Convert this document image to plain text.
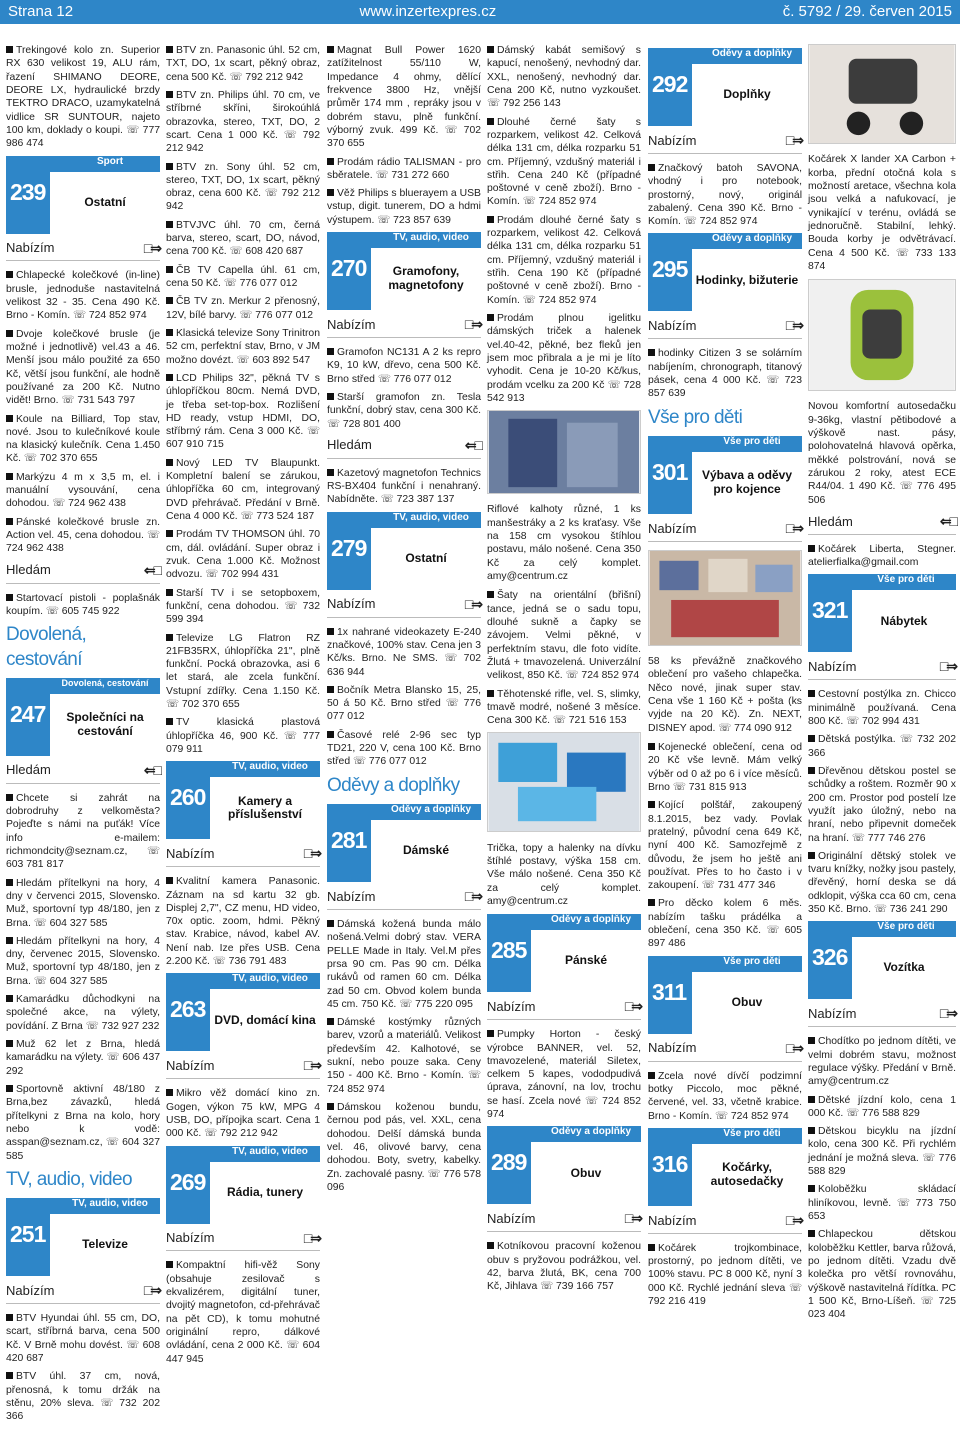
Strana 12	www.inzertexpres.cz	č. 5792 / 29. červen 2015
Trekingové kolo zn. Superior RX 630 velikost 19, ALU rám, řazení SHIMANO DEORE, DEORE LX, hydraulické brzdy TEKTRO DRACO, uzamykatelná vidlice SR SUNTOUR, najeto 100 km, doklady o koupi. ☏ 777 986 474
Sport
239	Ostatní
Nabízím	□⇒
Chlapecké kolečkové (in-line) brusle, jednoduše nastavitelná velikost 32 - 35. Cena 490 Kč. Brno - Komín. ☏ 724 852 974
Dvoje kolečkové brusle (je možné i jednotlivě) vel.43 a 46. Menší jsou málo použité za 650 Kč, větší jsou funkční, ale hodně používané za 200 Kč. Nutno vidět! Brno. ☏ 731 543 797
Koule na Billiard, Top stav, nové. Jsou to kulečníkové koule na klasický kulečník. Cena 1.450 Kč. ☏ 702 370 655
Markýzu 4 m x 3,5 m, el. i manuální vysouvání, cena dohodou. ☏ 724 962 438
Pánské kolečkové brusle zn. Action vel. 45, cena dohodou. ☏ 724 962 438
Hledám	⇐□
Startovací pistoli - poplašnák koupím. ☏ 605 745 922
Dovolená, cestování
Dovolená, cestování
247	Společníci na cestování
Hledám	⇐□
Chcete si zahrát na dobrodruhy z velkoměsta? Pojeďte s námi na puťák! Více info e-mailem: richmondcity@seznam.cz, ☏ 603 781 817
Hledám přítelkyni na hory, 4 dny v červenci 2015, Slovensko. Muž, sportovní typ 48/180, jen z Brna. ☏ 604 327 585
Hledám přítelkyni na hory, 4 dny, červenec 2015, Slovensko. Muž, sportovní typ 48/180, jen z Brna. ☏ 604 327 585
Kamarádku důchodkyni na společné akce, na výlety, povídání. Z Brna ☏ 732 927 232
Muž 62 let z Brna, hledá kamarádku na výlety. ☏ 606 437 292
Sportovně aktivní 48/180 z Brna,bez závazků, hledá přítelkyni z Brna na kolo, hory nebo k vodě: asspan@seznam.cz, ☏ 604 327 585
TV, audio, video
TV, audio, video
251	Televize
Nabízím	□⇒
BTV Hyundai úhl. 55 cm, DO, scart, stříbrná barva, cena 500 Kč. V Brně mohu dovést. ☏ 608 420 687
BTV úhl. 37 cm, nová, přenosná, k tomu držák na stěnu, 20% sleva. ☏ 732 202 366
BTV zn. Panasonic úhl. 52 cm, TXT, DO, 1x scart, pěkný obraz, cena 500 Kč. ☏ 792 212 942
BTV zn. Philips úhl. 70 cm, ve stříbrné skříni, širokoúhlá obrazovka, stereo, TXT, DO, 2 scart. Cena 1 000 Kč. ☏ 792 212 942
BTV zn. Sony úhl. 52 cm, stereo, TXT, DO, 1x scart, pěkný obraz, cena 600 Kč. ☏ 792 212 942
BTVJVC úhl. 70 cm, černá barva, stereo, scart, DO, návod, cena 700 Kč. ☏ 608 420 687
ČB TV Capella úhl. 61 cm, cena 50 Kč. ☏ 776 077 012
ČB TV zn. Merkur 2 přenosný, 12V, bílé barvy. ☏ 776 077 012
Klasická televize Sony Trinitron 52 cm, perfektní stav, Brno, v JM možno dovézt. ☏ 603 892 547
LCD Philips 32", pěkná TV s úhlopříčkou 80cm. Nemá DVD, je třeba set-top-box. Rozlišení HD ready, vstup HDMI, DO, stříbrný rám. Cena 3 000 Kč. ☏ 607 910 715
Nový LED TV Blaupunkt. Kompletní balení se zárukou, úhlopříčka 60 cm, integrovaný DVD přehrávač. Předání v Brně. Cena 4 000 Kč. ☏ 773 524 187
Prodám TV THOMSON úhl. 70 cm, dál. ovládání. Super obraz i zvuk. Cena 1.000 Kč. Možnost odvozu. ☏ 702 994 431
Starší TV i se setopboxem, funkční, cena dohodou. ☏ 732 599 394
Televize LG Flatron RZ 21FB35RX, úhlopříčka 21", plně funkční. Pocká obrazovka, asi 6 let stará, ale zcela funkční. Vstupní zdířky. Cena 1.150 Kč. ☏ 702 370 655
TV klasická plastová úhlopříčka 46, 900 Kč. ☏ 777 079 911
TV, audio, video
260	Kamery a příslušenství
Nabízím	□⇒
Kvalitní kamera Panasonic. Záznam na sd kartu 32 gb. Displej 2,7", CZ menu, HD video, 70x optic. zoom, hdmi. Pěkný stav. Krabice, návod, kabel AV. Není nab. Ize přes USB. Cena 2.200 Kč. ☏ 736 791 483
TV, audio, video
263 DVD, domácí kina
Nabízím	□⇒
Mikro věž domácí kino zn. Gogen, výkon 75 kW, MPG 4 USB, DO, přípojka scart. Cena 1 000 Kč. ☏ 792 212 942
TV, audio, video
269	Rádia, tunery
Nabízím	□⇒
Kompaktní hifi-věž Sony (obsahuje zesilovač s ekvalizérem, digitální tuner, dvojitý magnetofon, cd-přehrávač na pět CD), k tomu mohutné originální repro, dálkové ovládání, cena 2 000 Kč. ☏ 604 447 945
Magnat Bull Power 1620 zatížitelnost 55/110 W, Impedance 4 ohmy, dělící frekvence 3800 Hz, vnější průměr 174 mm , repráky jsou v dobrém stavu, plně funkční. výborný zvuk. 499 Kč. ☏ 702 370 655
Prodám rádio TALISMAN - pro sběratele. ☏ 731 272 660
Věž Philips s bluerayem a USB vstup, digit. tunerem, DO a hdmi výstupem. ☏ 723 857 639
TV, audio, video
270	Gramofony, magnetofony
Nabízím	□⇒
Gramofon NC131 A 2 ks repro K9, 10 kW, dřevo, cena 500 Kč. Brno střed ☏ 776 077 012
Starší gramofon zn. Tesla funkční, dobrý stav, cena 300 Kč. ☏ 728 801 400
Hledám	⇐□
Kazetový magnetofon Technics RS-BX404 funkční i nenahraný. Nabídněte. ☏ 723 387 137
TV, audio, video
279	Ostatní
Nabízím	□⇒
1x nahrané videokazety E-240 značkové, 100% stav. Cena jen 3 Kč/ks. Brno. Ne SMS. ☏ 702 636 944
Bočník Metra Blansko 15, 25, 50 á 50 Kč. Brno střed ☏ 776 077 012
Časové relé 2-96 sec typ TD21, 220 V, cena 100 Kč. Brno střed ☏ 776 077 012
Oděvy a doplňky
Oděvy a doplňky
281	Dámské
Nabízím	□⇒
Dámská kožená bunda málo nošená.Velmi dobrý stav. VERA PELLE Made in Italy. Vel.M přes prsa 90 cm. Pas 90 cm. Délka rukávů od ramen 60 cm. Délka zad 50 cm. Obvod kolem bunda 45 cm. 750 Kč. ☏ 775 220 095
Dámské kostýmky různých barev, vzorů a materiálů. Velikost především 42. Kalhotové, se sukní, nebo pouze saka. Ceny 150 - 400 Kč. Brno - Komín. ☏ 724 852 974
Dámskou koženou bundu, černou pod pás, vel. XXL, cena dohodou. Delší dámská bunda vel. 46, olivové barvy, cena dohodou. Boty, svetry, kabelky. Zn. zachovalé pasny. ☏ 776 578 096
Dámský kabát semišový s kapucí, nenošený, nevhodný dar. XXL, nenošený, nevhodný dar. Cena 200 Kč, nutno vyzkoušet. ☏ 792 256 143
Dlouhé černé šaty s rozparkem, velikost 42. Celková délka 131 cm, délka rozparku 51 cm. Příjemný, vzdušný materiál i střih. Cena 240 Kč (případné poštovné v ceně zboží). Brno - Komín. ☏ 724 852 974
Prodám dlouhé černé šaty s rozparkem, velikost 42. Celková délka 131 cm, délka rozparku 51 cm. Příjemný, vzdušný materiál i střih. Cena 190 Kč (případné poštovné v ceně zboží). Brno - Komín. ☏ 724 852 974
Prodám plnou igelitku dámských triček a halenek vel.40-42, pěkné, bez fleků jen jsem moc přibrala a je mi je líto vyhodit. Cena je 10-20 Kč/kus, prodám vcelku za 200 Kč ☏ 728 542 913
Riflové kalhoty různé, 1 ks manšestráky a 2 ks kraťasy. Vše na 158 cm vysokou štíhlou postavu, málo nošené. Cena 350 Kč za celý komplet. amy@centrum.cz
Šaty na orientální (břišní) tance, jedná se o sadu topu, dlouhé sukně a čapky se závojem. Velmi pěkné, v perfektním stavu, dle foto vidíte. Žlutá + tmavozelená. Univerzální velikost, 850 Kč. ☏ 724 852 974
Těhotenské rifle, vel. S, slimky, tmavě modré, nošené 3 měsíce. Cena 300 Kč. ☏ 721 516 153
Trička, topy a halenky na dívku štíhlé postavy, výška 158 cm. Vše málo nošené. Cena 350 Kč za celý komplet. amy@centrum.cz
Oděvy a doplňky
285	Pánské
Nabízím	□⇒
Pumpky Horton - český výrobce BANNER, vel. 52, tmavozelené, materiál Siletex, celkem 5 kapes, vododpudivá úprava, zánovní, na lov, trochu se hasí. Zcela nové ☏ 724 852 974
Oděvy a doplňky
289	Obuv
Nabízím	□⇒
Kotníkovou pracovní koženou obuv s pryžovou podrážkou, vel. 42, barva žlutá, BK, cena 700 Kč, Jihlava ☏ 739 166 757
Oděvy a doplňky
292	Doplňky
Nabízím	□⇒
Značkový batoh SAVONA, vhodný i pro notebook, prostorný, nový, originál zabalený. Cena 390 Kč. Brno - Komín. ☏ 724 852 974
Oděvy a doplňky
295 Hodinky, bižuterie
Nabízím	□⇒
hodinky Citizen 3 se solárním nabíjením, chronograph, titanový pásek, cena 4 000 Kč. ☏ 723 857 639
Vše pro děti
Vše pro děti
301	Výbava a oděvy pro kojence
Nabízím	□⇒
58 ks převážně značkového oblečení pro vašeho chlapečka. Něco nové, jinak super stav. Cena vše 1 160 Kč + pošta (ks vyjde na 20 Kč). Zn. NEXT, DISNEY apod. ☏ 774 090 912
Kojenecké oblečení, cena od 20 Kč vše levně. Mám velký výběr od 0 až po 6 i více měsíců. Brno ☏ 731 815 913
Kojící polštář, zakoupený 8.1.2015, bez vady. Povlak pratelný, původní cena 649 Kč, nyní 400 Kč. Samozřejmě z důvodu, že jsem ho ještě ani používat. Přes to ho často i v zakoupení. ☏ 731 477 346
Pro děcko kolem 6 měs. nabízím tašku prádélka a oblečení, cena 350 Kč. ☏ 605 897 486
Vše pro děti
311	Obuv
Nabízím	□⇒
Zcela nové dívčí podzimní botky Piccolo, moc pěkné, červené, vel. 33, včetně krabice. Brno - Komín. ☏ 724 852 974
Vše pro děti
316	Kočárky, autosedačky
Nabízím	□⇒
Kočárek trojkombinace, prostorný, po jednom dítěti, ve 100% stavu. PC 8 000 Kč, nyní 3 000 Kč. Rychlé jednání sleva ☏ 792 216 419
Kočárek X lander XA Carbon + korba, přední otočná kola s možností aretace, všechna kola jsou velká a nafukovací, je vynikající v terénu, ovládá se jednoručně. Stabilní, lehký. Bouda korby je odvětrávací. Cena 4 500 Kč. ☏ 733 133 874
Novou komfortní autosedačku 9-36kg, vlastní pětibodové a výškově nast. pásy, polohovatelná hlavová opěrka, měkké polstrování, nová se zárukou 2 roky, atest ECE R44/04. 1 490 Kč. ☏ 776 495 506
Hledám	⇐□
Kočárek Liberta, Stegner. atelierfialka@gmail.com
Vše pro děti
321	Nábytek
Nabízím	□⇒
Cestovní postýlka zn. Chicco minimálně používaná. Cena 800 Kč. ☏ 702 994 431
Dětská postýlka. ☏ 732 202 366
Dřevěnou dětskou postel se schůdky a roštem. Rozměr 90 x 200 cm. Prostor pod postelí lze využít jako úložný, nebo na hraní, nebo připevnit domeček na hraní. ☏ 777 746 276
Originální dětský stolek ve tvaru knížky, nožky jsou pastely, dřevěný, horní deska se dá odklopit, výška cca 60 cm, cena 350 Kč. Brno. ☏ 736 241 290
Vše pro děti
326	Vozítka
Nabízím	□⇒
Chodítko po jednom dítěti, ve velmi dobrém stavu, možnost regulace výšky. Předání v Brně. amy@centrum.cz
Dětské jízdní kolo, cena 1 000 Kč. ☏ 776 588 829
Dětskou bicyklu na jízdní kolo, cena 300 Kč. Při rychlém jednání je možná sleva. ☏ 776 588 829
Koloběžku skládací hliníkovou, levně. ☏ 773 750 653
Chlapeckou dětskou koloběžku Kettler, barva růžová, po jednom dítěti. Vzadu dvě kolečka pro větší rovnováhu, výškově nastavitelná řídítka. PC 1 500 Kč, Brno-Líšeň. ☏ 725 023 404
